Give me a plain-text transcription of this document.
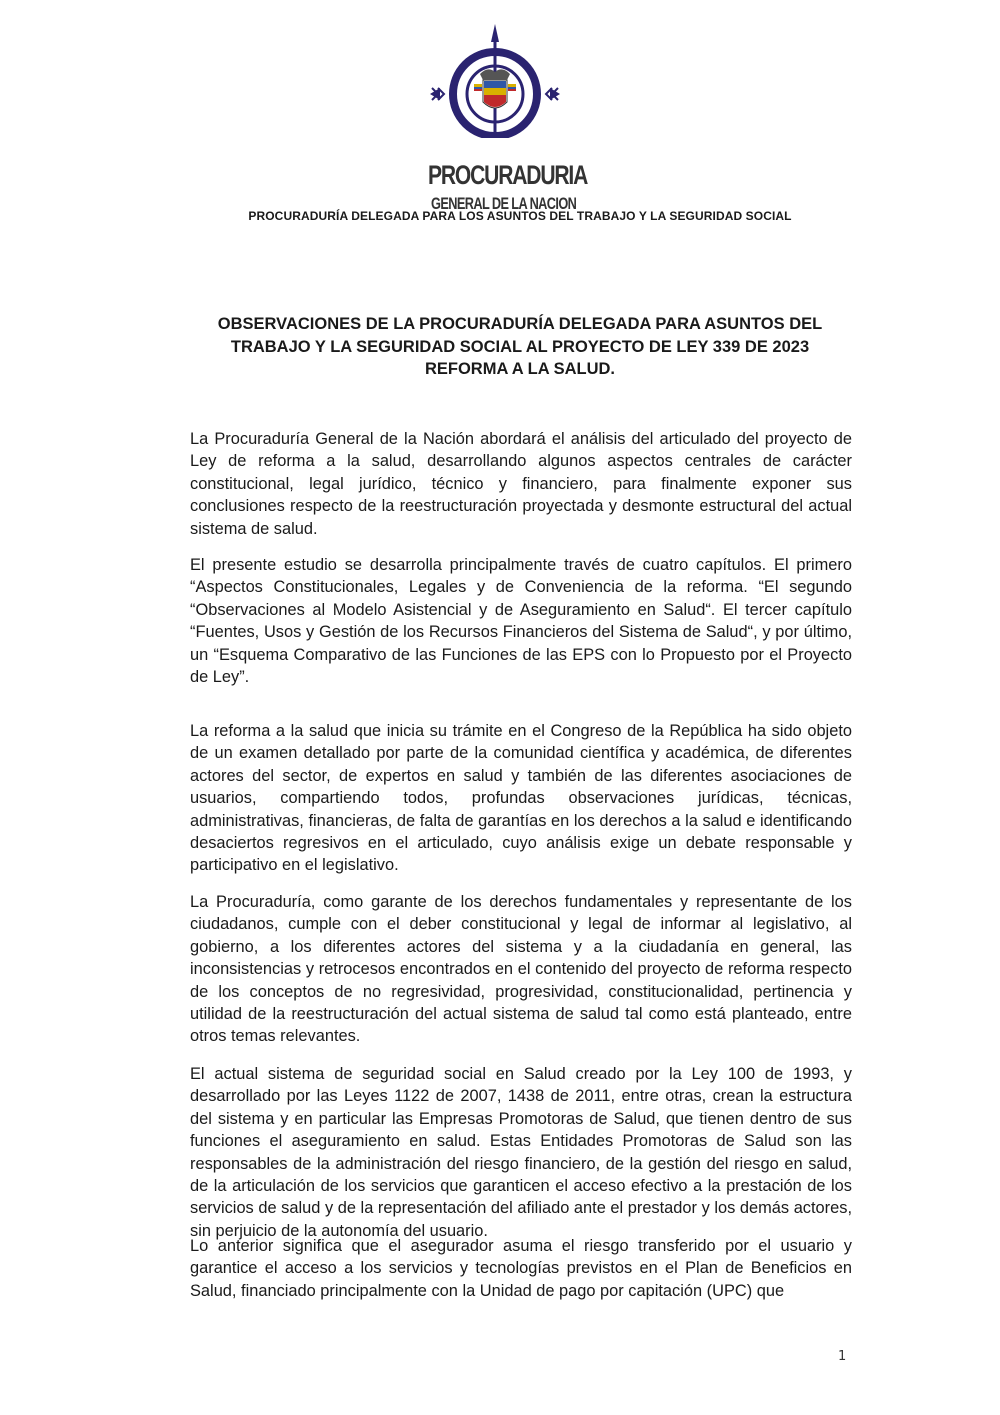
PROCURADURIA
GENERAL DE LA NACION
PROCURADURÍA DELEGADA PARA LOS ASUNTOS DEL TRABAJO Y LA SEGURIDAD SOCIAL
OBSERVACIONES DE LA PROCURADURÍA DELEGADA PARA ASUNTOS DEL
TRABAJO Y LA SEGURIDAD SOCIAL AL PROYECTO DE LEY 339 DE 2023
REFORMA A LA SALUD.

La Procuraduría General de la Nación abordará el análisis del articulado del proyecto de Ley de reforma a la salud, desarrollando algunos aspectos centrales de carácter constitucional, legal jurídico, técnico y financiero, para finalmente exponer sus conclusiones respecto de la reestructuración proyectada y desmonte estructural del actual sistema de salud.

El presente estudio se desarrolla principalmente través de cuatro capítulos. El primero “Aspectos Constitucionales, Legales y de Conveniencia de la reforma. “El segundo “Observaciones al Modelo Asistencial y de Aseguramiento en Salud“. El tercer capítulo “Fuentes, Usos y Gestión de los Recursos Financieros del Sistema de Salud“, y por último, un “Esquema Comparativo de las Funciones de las EPS con lo Propuesto por el Proyecto de Ley”.

La reforma a la salud que inicia su trámite en el Congreso de la República ha sido objeto de un examen detallado por parte de la comunidad científica y académica, de diferentes actores del sector, de expertos en salud y también de las diferentes asociaciones de usuarios, compartiendo todos, profundas observaciones jurídicas, técnicas, administrativas, financieras, de falta de garantías en los derechos a la salud e identificando desaciertos regresivos en el articulado, cuyo análisis exige un debate responsable y participativo en el legislativo.

La Procuraduría, como garante de los derechos fundamentales y representante de los ciudadanos, cumple con el deber constitucional y legal de informar al legislativo, al gobierno, a los diferentes actores del sistema y a la ciudadanía en general, las inconsistencias y retrocesos encontrados en el contenido del proyecto de reforma respecto de los conceptos de no regresividad, progresividad, constitucionalidad, pertinencia y utilidad de la reestructuración del actual sistema de salud tal como está planteado, entre otros temas relevantes.

El actual sistema de seguridad social en Salud creado por la Ley 100 de 1993, y desarrollado por las Leyes 1122 de 2007, 1438 de 2011, entre otras, crean la estructura del sistema y en particular las Empresas Promotoras de Salud, que tienen dentro de sus funciones el aseguramiento en salud. Estas Entidades Promotoras de Salud son las responsables de la administración del riesgo financiero, de la gestión del riesgo en salud, de la articulación de los servicios que garanticen el acceso efectivo a la prestación de los servicios de salud y de la representación del afiliado ante el prestador y los demás actores, sin perjuicio de la autonomía del usuario.

Lo anterior significa que el asegurador asuma el riesgo transferido por el usuario y garantice el acceso a los servicios y tecnologías previstos en el Plan de Beneficios en Salud, financiado principalmente con la Unidad de pago por capitación (UPC) que

1
